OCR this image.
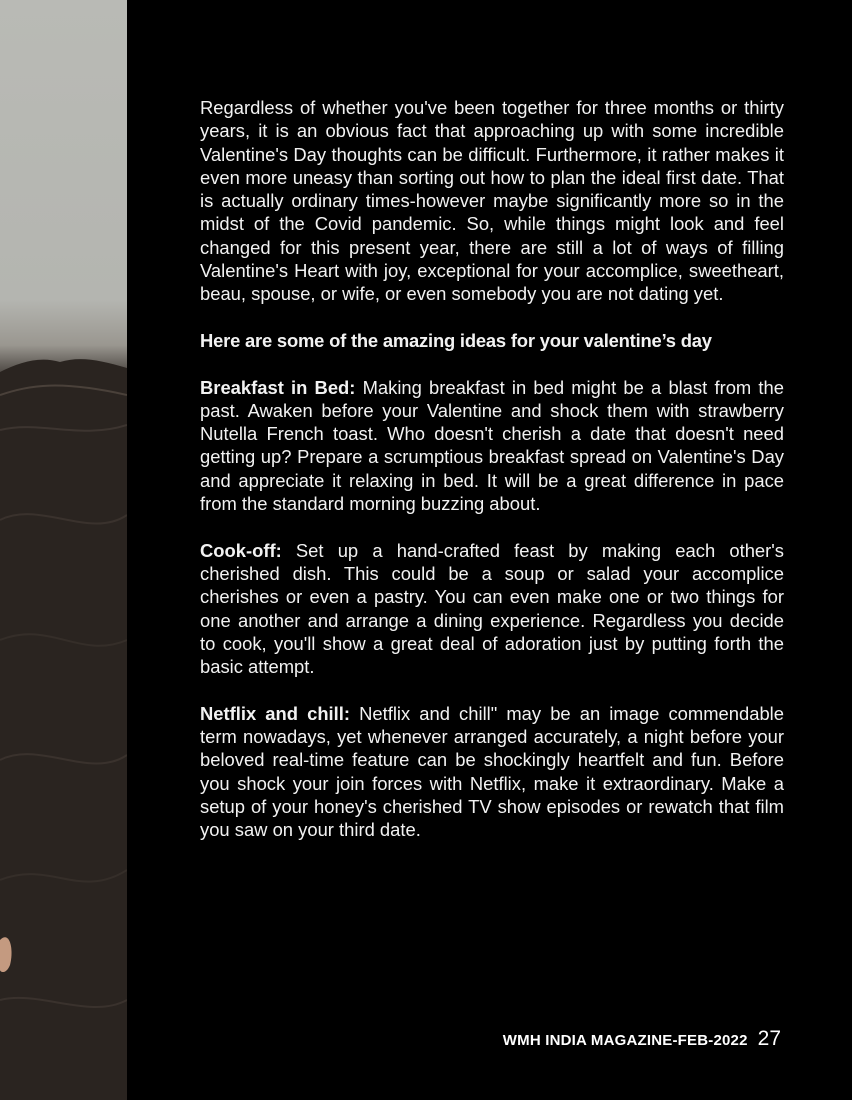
Regardless of whether you've been together for three months or thirty years, it is an obvious fact that approaching up with some incredible Valentine's Day thoughts can be difficult. Furthermore, it rather makes it even more uneasy than sorting out how to plan the ideal first date. That is actually ordinary times-however maybe significantly more so in the midst of the Covid pandemic. So, while things might look and feel changed for this present year, there are still a lot of ways of filling Valentine's Heart with joy, exceptional for your accomplice, sweetheart, beau, spouse, or wife, or even somebody you are not dating yet.

Here are some of the amazing ideas for your valentine’s day

Breakfast in Bed: Making breakfast in bed might be a blast from the past. Awaken before your Valentine and shock them with strawberry Nutella French toast. Who doesn't cherish a date that doesn't need getting up? Prepare a scrumptious breakfast spread on Valentine's Day and appreciate it relaxing in bed. It will be a great difference in pace from the standard morning buzzing about.

Cook-off: Set up a hand-crafted feast by making each other's cherished dish. This could be a soup or salad your accomplice cherishes or even a pastry. You can even make one or two things for one another and arrange a dining experience. Regardless you decide to cook, you'll show a great deal of adoration just by putting forth the basic attempt.

Netflix and chill: Netflix and chill" may be an image commendable term nowadays, yet whenever arranged accurately, a night before your beloved real-time feature can be shockingly heartfelt and fun. Before you shock your join forces with Netflix, make it extraordinary. Make a setup of your honey's cherished TV show episodes or rewatch that film you saw on your third date.

WMH INDIA MAGAZINE-FEB-2022 27
